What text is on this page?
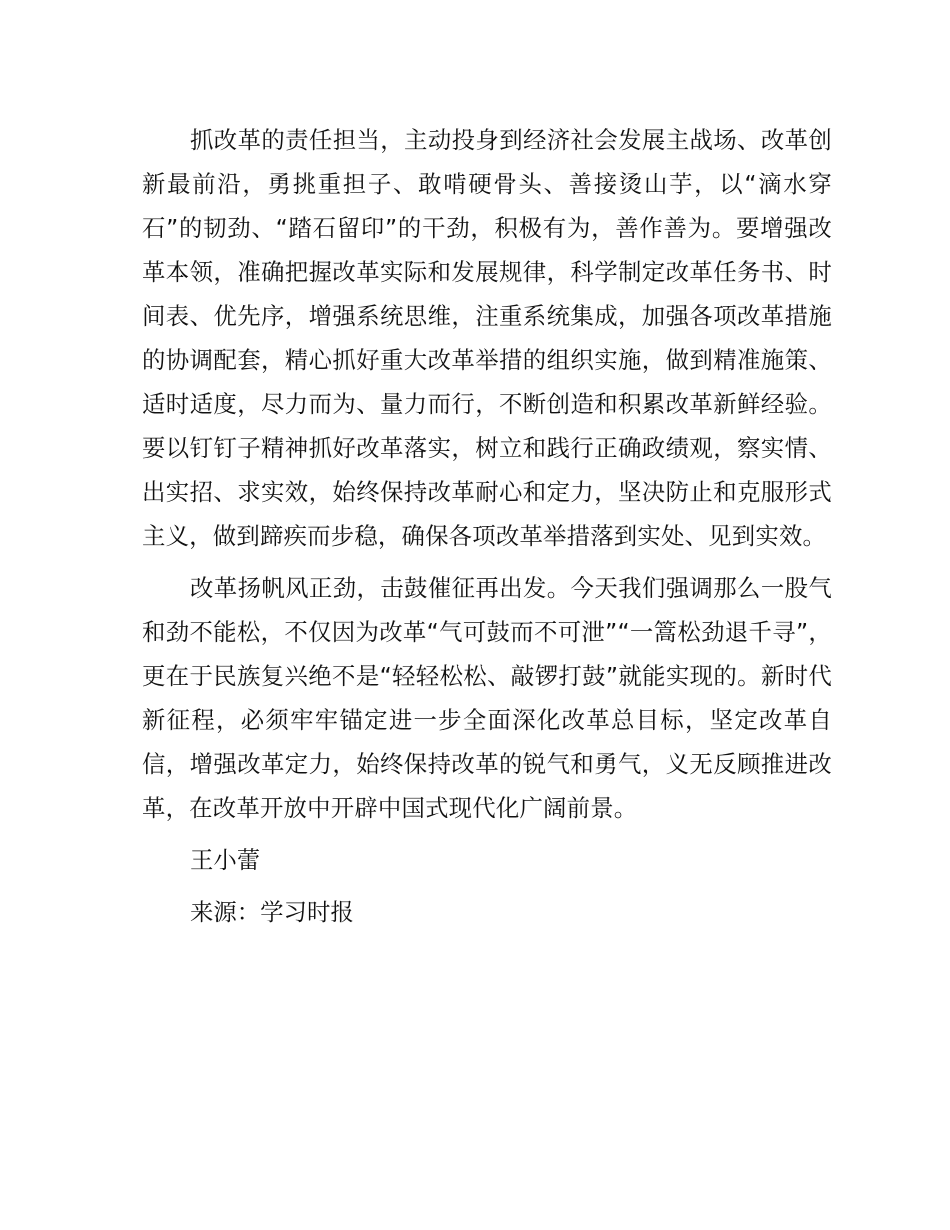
抓改革的责任担当，主动投身到经济社会发展主战场、改革创新最前沿，勇挑重担子、敢啃硬骨头、善接烫山芋，以“滴水穿石”的韧劲、“踏石留印”的干劲，积极有为，善作善为。要增强改革本领，准确把握改革实际和发展规律，科学制定改革任务书、时间表、优先序，增强系统思维，注重系统集成，加强各项改革措施的协调配套，精心抓好重大改革举措的组织实施，做到精准施策、适时适度，尽力而为、量力而行，不断创造和积累改革新鲜经验。要以钉钉子精神抓好改革落实，树立和践行正确政绩观，察实情、出实招、求实效，始终保持改革耐心和定力，坚决防止和克服形式主义，做到蹄疾而步稳，确保各项改革举措落到实处、见到实效。

改革扬帆风正劲，击鼓催征再出发。今天我们强调那么一股气和劲不能松，不仅因为改革“气可鼓而不可泄”“一篙松劲退千寻”，更在于民族复兴绝不是“轻轻松松、敲锣打鼓”就能实现的。新时代新征程，必须牢牢锚定进一步全面深化改革总目标，坚定改革自信，增强改革定力，始终保持改革的锐气和勇气，义无反顾推进改革，在改革开放中开辟中国式现代化广阔前景。

王小蕾

来源：学习时报
